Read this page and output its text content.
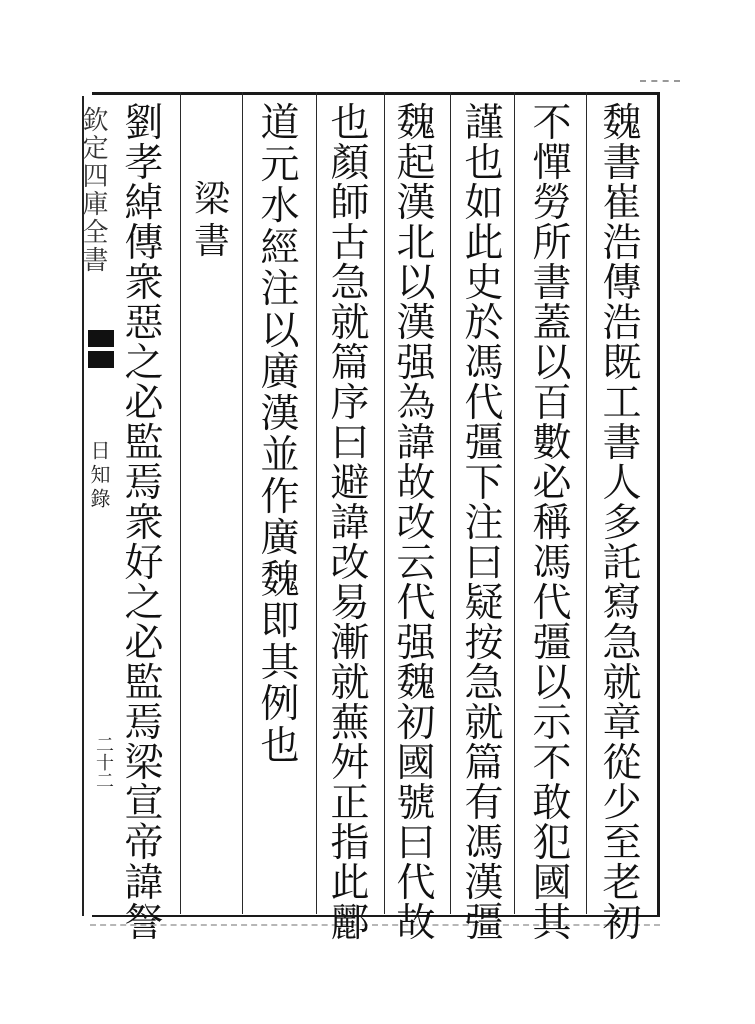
欽定四庫全書
日知錄
二十二
魏
書
崔
浩
傳
浩
既
工
書
人
多
託
寫
急
就
章
從
少
至
老
初
不
憚
勞
所
書
蓋
以
百
數
必
稱
馮
代
彊
以
示
不
敢
犯
國
其
謹
也
如
此
史
於
馮
代
彊
下
注
曰
疑
按
急
就
篇
有
馮
漢
彊
魏
起
漢
北
以
漢
强
為
諱
故
改
云
代
强
魏
初
國
號
曰
代
故
也
顏
師
古
急
就
篇
序
曰
避
諱
改
易
漸
就
蕪
舛
正
指
此
酈
道
元
水
經
注
以
廣
漢
並
作
廣
魏
即
其
例
也
梁
書
劉
孝
綽
傳
衆
惡
之
必
監
焉
衆
好
之
必
監
焉
梁
宣
帝
諱
詧
